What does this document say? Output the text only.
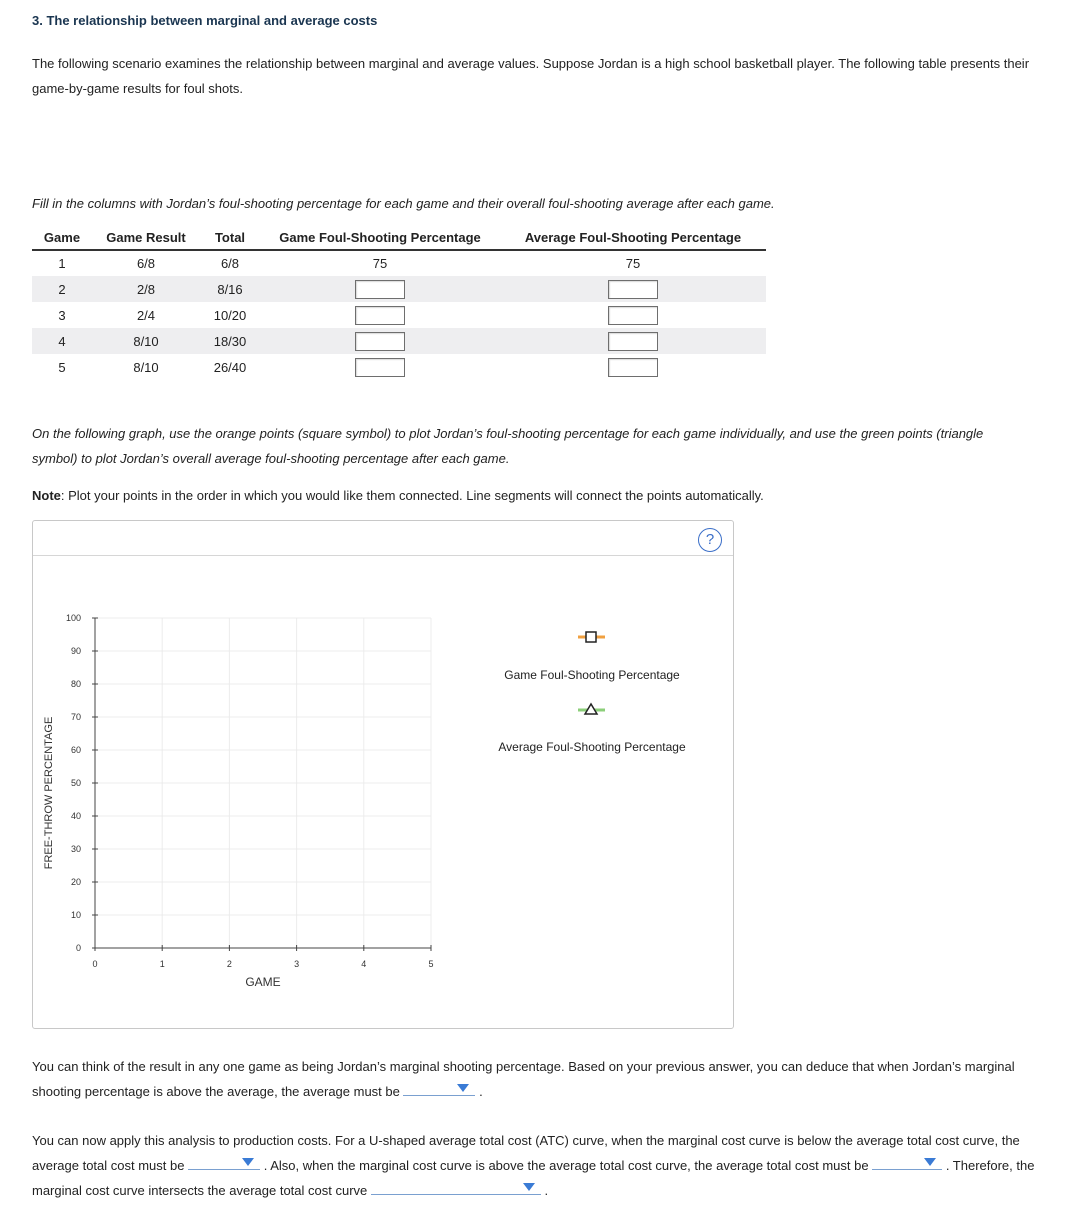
3. The relationship between marginal and average costs
The following scenario examines the relationship between marginal and average values. Suppose Jordan is a high school basketball player. The following table presents their game-by-game results for foul shots.
Fill in the columns with Jordan’s foul-shooting percentage for each game and their overall foul-shooting average after each game.
Game	Game Result	Total	Game Foul-Shooting Percentage	Average Foul-Shooting Percentage
1	6/8	6/8	75	75
2	2/8	8/16		
3	2/4	10/20		
4	8/10	18/30		
5	8/10	26/40		
On the following graph, use the orange points (square symbol) to plot Jordan’s foul-shooting percentage for each game individually, and use the green points (triangle symbol) to plot Jordan’s overall average foul-shooting percentage after each game.
Note: Plot your points in the order in which you would like them connected. Line segments will connect the points automatically.
?
0
10
20
30
40
50
60
70
80
90
100
0	1	2	3	4	5
FREE-THROW PERCENTAGE
GAME
Game Foul-Shooting Percentage
Average Foul-Shooting Percentage
You can think of the result in any one game as being Jordan’s marginal shooting percentage. Based on your previous answer, you can deduce that when Jordan’s marginal shooting percentage is above the average, the average must be	.
You can now apply this analysis to production costs. For a U-shaped average total cost (ATC) curve, when the marginal cost curve is below the average total cost curve, the average total cost must be	. Also, when the marginal cost curve is above the average total cost curve, the average total cost must be	. Therefore, the marginal cost curve intersects the average total cost curve	.
